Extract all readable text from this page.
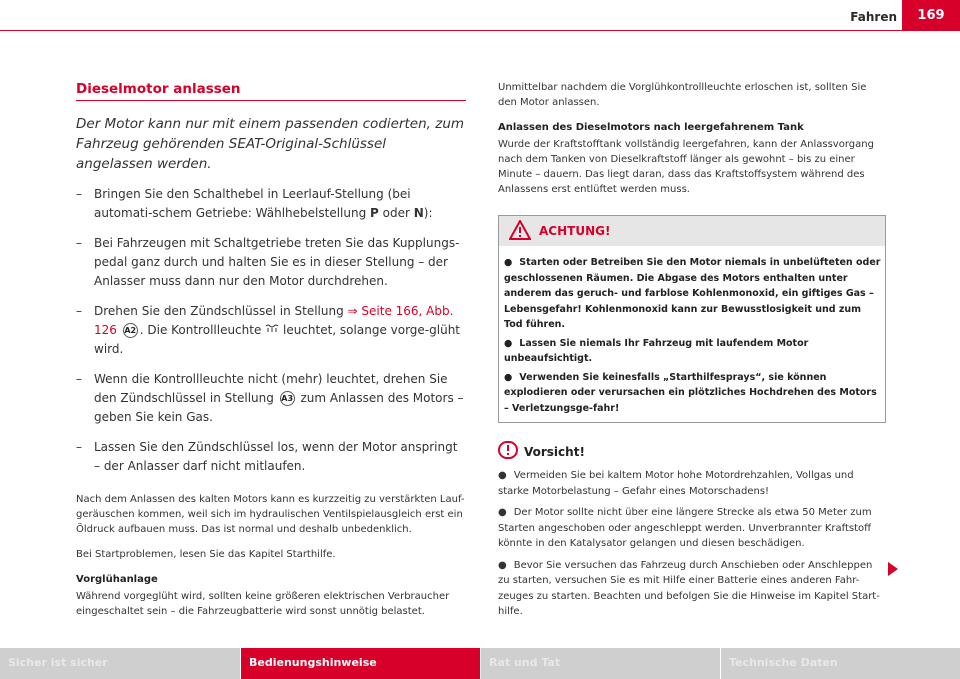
Fahren	169
Dieselmotor anlassen
Der Motor kann nur mit einem passenden codierten, zum Fahrzeug gehörenden SEAT-Original-Schlüssel angelassen werden.
– Bringen Sie den Schalthebel in Leerlauf-Stellung (bei automati-schem Getriebe: Wählhebelstellung P oder N):
– Bei Fahrzeugen mit Schaltgetriebe treten Sie das Kupplungs-pedal ganz durch und halten Sie es in dieser Stellung – der Anlasser muss dann nur den Motor durchdrehen.
– Drehen Sie den Zündschlüssel in Stellung ⇒ Seite 166, Abb. 126 A2 . Die Kontrollleuchte  leuchtet, solange vorge-glüht wird.
– Wenn die Kontrollleuchte nicht (mehr) leuchtet, drehen Sie den Zündschlüssel in Stellung A3 zum Anlassen des Motors – geben Sie kein Gas.
– Lassen Sie den Zündschlüssel los, wenn der Motor anspringt – der Anlasser darf nicht mitlaufen.
Nach dem Anlassen des kalten Motors kann es kurzzeitig zu verstärkten Lauf-geräuschen kommen, weil sich im hydraulischen Ventilspielausgleich erst ein Öldruck aufbauen muss. Das ist normal und deshalb unbedenklich.
Bei Startproblemen, lesen Sie das Kapitel Starthilfe.
Vorglühanlage
Während vorgeglüht wird, sollten keine größeren elektrischen Verbraucher eingeschaltet sein – die Fahrzeugbatterie wird sonst unnötig belastet.
Unmittelbar nachdem die Vorglühkontrollleuchte erloschen ist, sollten Sie den Motor anlassen.
Anlassen des Dieselmotors nach leergefahrenem Tank
Wurde der Kraftstofftank vollständig leergefahren, kann der Anlassvorgang nach dem Tanken von Dieselkraftstoff länger als gewohnt – bis zu einer Minute – dauern. Das liegt daran, dass das Kraftstoffsystem während des Anlassens erst entlüftet werden muss.
ACHTUNG!
● Starten oder Betreiben Sie den Motor niemals in unbelüfteten oder geschlossenen Räumen. Die Abgase des Motors enthalten unter anderem das geruch- und farblose Kohlenmonoxid, ein giftiges Gas – Lebensgefahr! Kohlenmonoxid kann zur Bewusstlosigkeit und zum Tod führen.
● Lassen Sie niemals Ihr Fahrzeug mit laufendem Motor unbeaufsichtigt.
● Verwenden Sie keinesfalls „Starthilfesprays“, sie können explodieren oder verursachen ein plötzliches Hochdrehen des Motors – Verletzungsge-fahr!
Vorsicht!
● Vermeiden Sie bei kaltem Motor hohe Motordrehzahlen, Vollgas und starke Motorbelastung – Gefahr eines Motorschadens!
● Der Motor sollte nicht über eine längere Strecke als etwa 50 Meter zum Starten angeschoben oder angeschleppt werden. Unverbrannter Kraftstoff könnte in den Katalysator gelangen und diesen beschädigen.
● Bevor Sie versuchen das Fahrzeug durch Anschieben oder Anschleppen zu starten, versuchen Sie es mit Hilfe einer Batterie eines anderen Fahr-zeuges zu starten. Beachten und befolgen Sie die Hinweise im Kapitel Start-hilfe.
Sicher ist sicher	Bedienungshinweise	Rat und Tat	Technische Daten
